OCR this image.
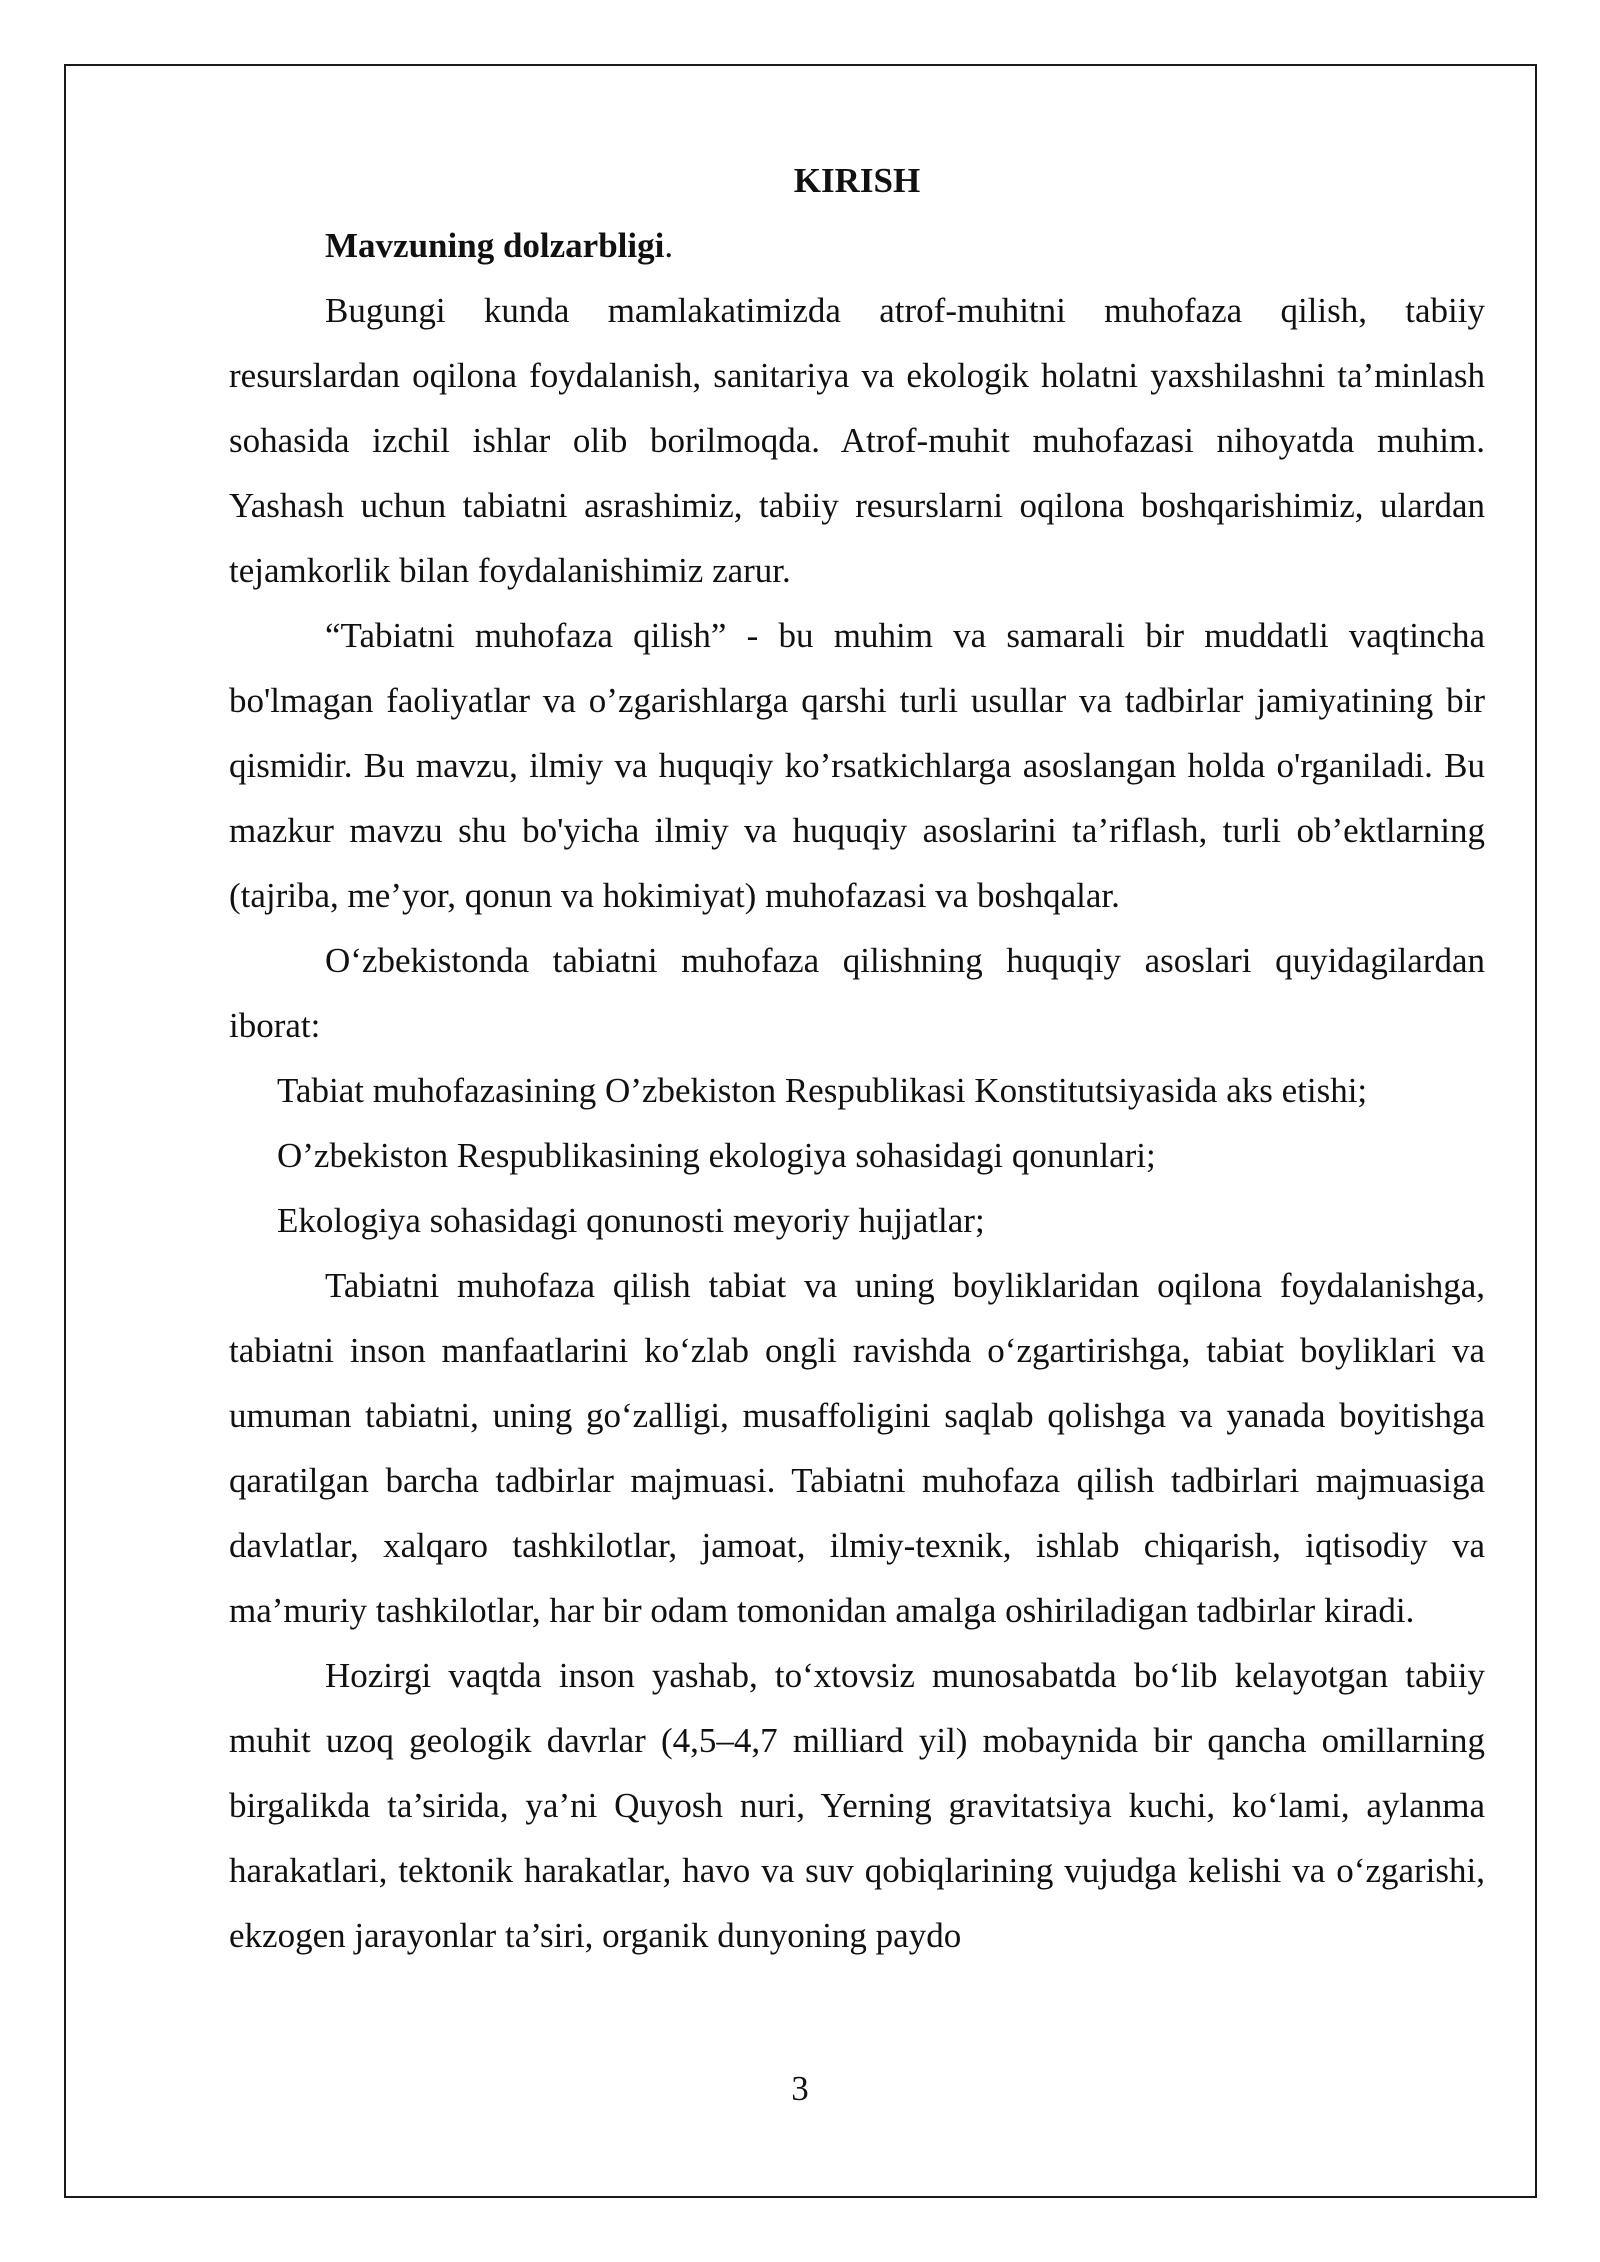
KIRISH

Mavzuning dolzarbligi.

Bugungi kunda mamlakatimizda atrof-muhitni muhofaza qilish, tabiiy resurslardan oqilona foydalanish, sanitariya va ekologik holatni yaxshilashni ta’minlash sohasida izchil ishlar olib borilmoqda. Atrof-muhit muhofazasi nihoyatda muhim. Yashash uchun tabiatni asrashimiz, tabiiy resurslarni oqilona boshqarishimiz, ulardan tejamkorlik bilan foydalanishimiz zarur.

“Tabiatni muhofaza qilish” - bu muhim va samarali bir muddatli vaqtincha bo'lmagan faoliyatlar va o’zgarishlarga qarshi turli usullar va tadbirlar jamiyatining bir qismidir. Bu mavzu, ilmiy va huquqiy ko’rsatkichlarga asoslangan holda o'rganiladi. Bu mazkur mavzu shu bo'yicha ilmiy va huquqiy asoslarini ta’riflash, turli ob’ektlarning (tajriba, me’yor, qonun va hokimiyat) muhofazasi va boshqalar.

O‘zbekistonda tabiatni muhofaza qilishning huquqiy asoslari quyidagilardan iborat:

Tabiat muhofazasining O’zbekiston Respublikasi Konstitutsiyasida aks etishi;
O’zbekiston Respublikasining ekologiya sohasidagi qonunlari;
Ekologiya sohasidagi qonunosti meyoriy hujjatlar;

Tabiatni muhofaza qilish tabiat va uning boyliklaridan oqilona foydalanishga, tabiatni inson manfaatlarini ko‘zlab ongli ravishda o‘zgartirishga, tabiat boyliklari va umuman tabiatni, uning go‘zalligi, musaffoligini saqlab qolishga va yanada boyitishga qaratilgan barcha tadbirlar majmuasi. Tabiatni muhofaza qilish tadbirlari majmuasiga davlatlar, xalqaro tashkilotlar, jamoat, ilmiy-texnik, ishlab chiqarish, iqtisodiy va ma’muriy tashkilotlar, har bir odam tomonidan amalga oshiriladigan tadbirlar kiradi.

Hozirgi vaqtda inson yashab, to‘xtovsiz munosabatda bo‘lib kelayotgan tabiiy muhit uzoq geologik davrlar (4,5–4,7 milliard yil) mobaynida bir qancha omillarning birgalikda ta’sirida, ya’ni Quyosh nuri, Yerning gravitatsiya kuchi, ko‘lami, aylanma harakatlari, tektonik harakatlar, havo va suv qobiqlarining vujudga kelishi va o‘zgarishi, ekzogen jarayonlar ta’siri, organik dunyoning paydo

3
